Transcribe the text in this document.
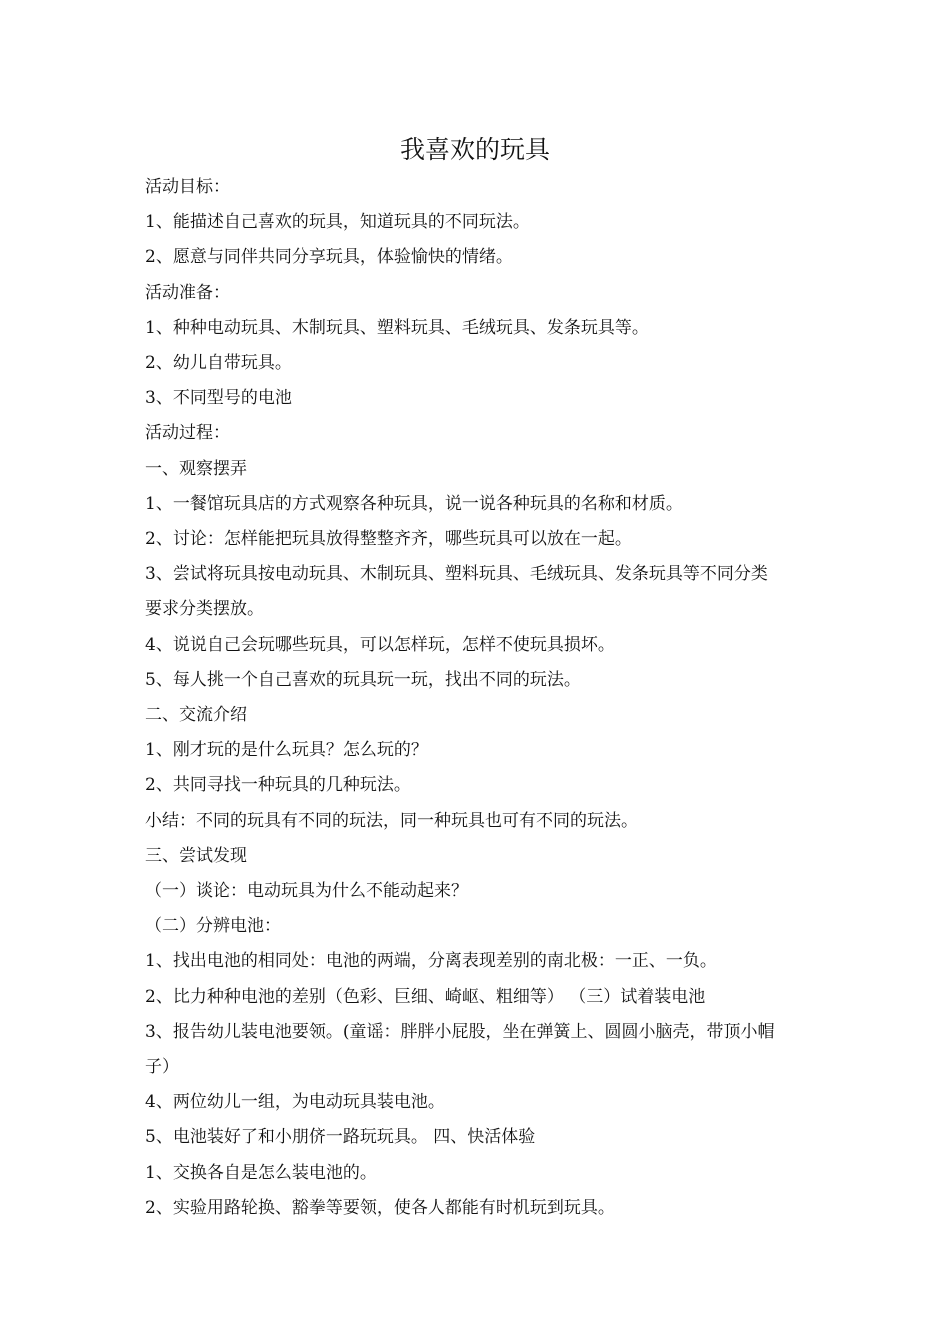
我喜欢的玩具

活动目标：

1、能描述自己喜欢的玩具，知道玩具的不同玩法。

2、愿意与同伴共同分享玩具，体验愉快的情绪。

活动准备：

1、种种电动玩具、木制玩具、塑料玩具、毛绒玩具、发条玩具等。

2、幼儿自带玩具。

3、不同型号的电池

活动过程：

一、观察摆弄

1、一餐馆玩具店的方式观察各种玩具，说一说各种玩具的名称和材质。

2、讨论：怎样能把玩具放得整整齐齐，哪些玩具可以放在一起。

3、尝试将玩具按电动玩具、木制玩具、塑料玩具、毛绒玩具、发条玩具等不同分类

要求分类摆放。

4、说说自己会玩哪些玩具，可以怎样玩，怎样不使玩具损坏。

5、每人挑一个自己喜欢的玩具玩一玩，找出不同的玩法。

二、交流介绍

1、刚才玩的是什么玩具？怎么玩的？

2、共同寻找一种玩具的几种玩法。

小结：不同的玩具有不同的玩法，同一种玩具也可有不同的玩法。

三、尝试发现

（一）谈论：电动玩具为什么不能动起来？

（二）分辨电池：

1、找出电池的相同处：电池的两端，分离表现差别的南北极：一正、一负。

2、比力种种电池的差别（色彩、巨细、崎岖、粗细等） （三）试着装电池

3、报告幼儿装电池要领。(童谣：胖胖小屁股，坐在弹簧上、圆圆小脑壳，带顶小帽

子）

4、两位幼儿一组，为电动玩具装电池。

5、电池装好了和小朋侪一路玩玩具。 四、快活体验

1、交换各自是怎么装电池的。

2、实验用路轮换、豁拳等要领，使各人都能有时机玩到玩具。
